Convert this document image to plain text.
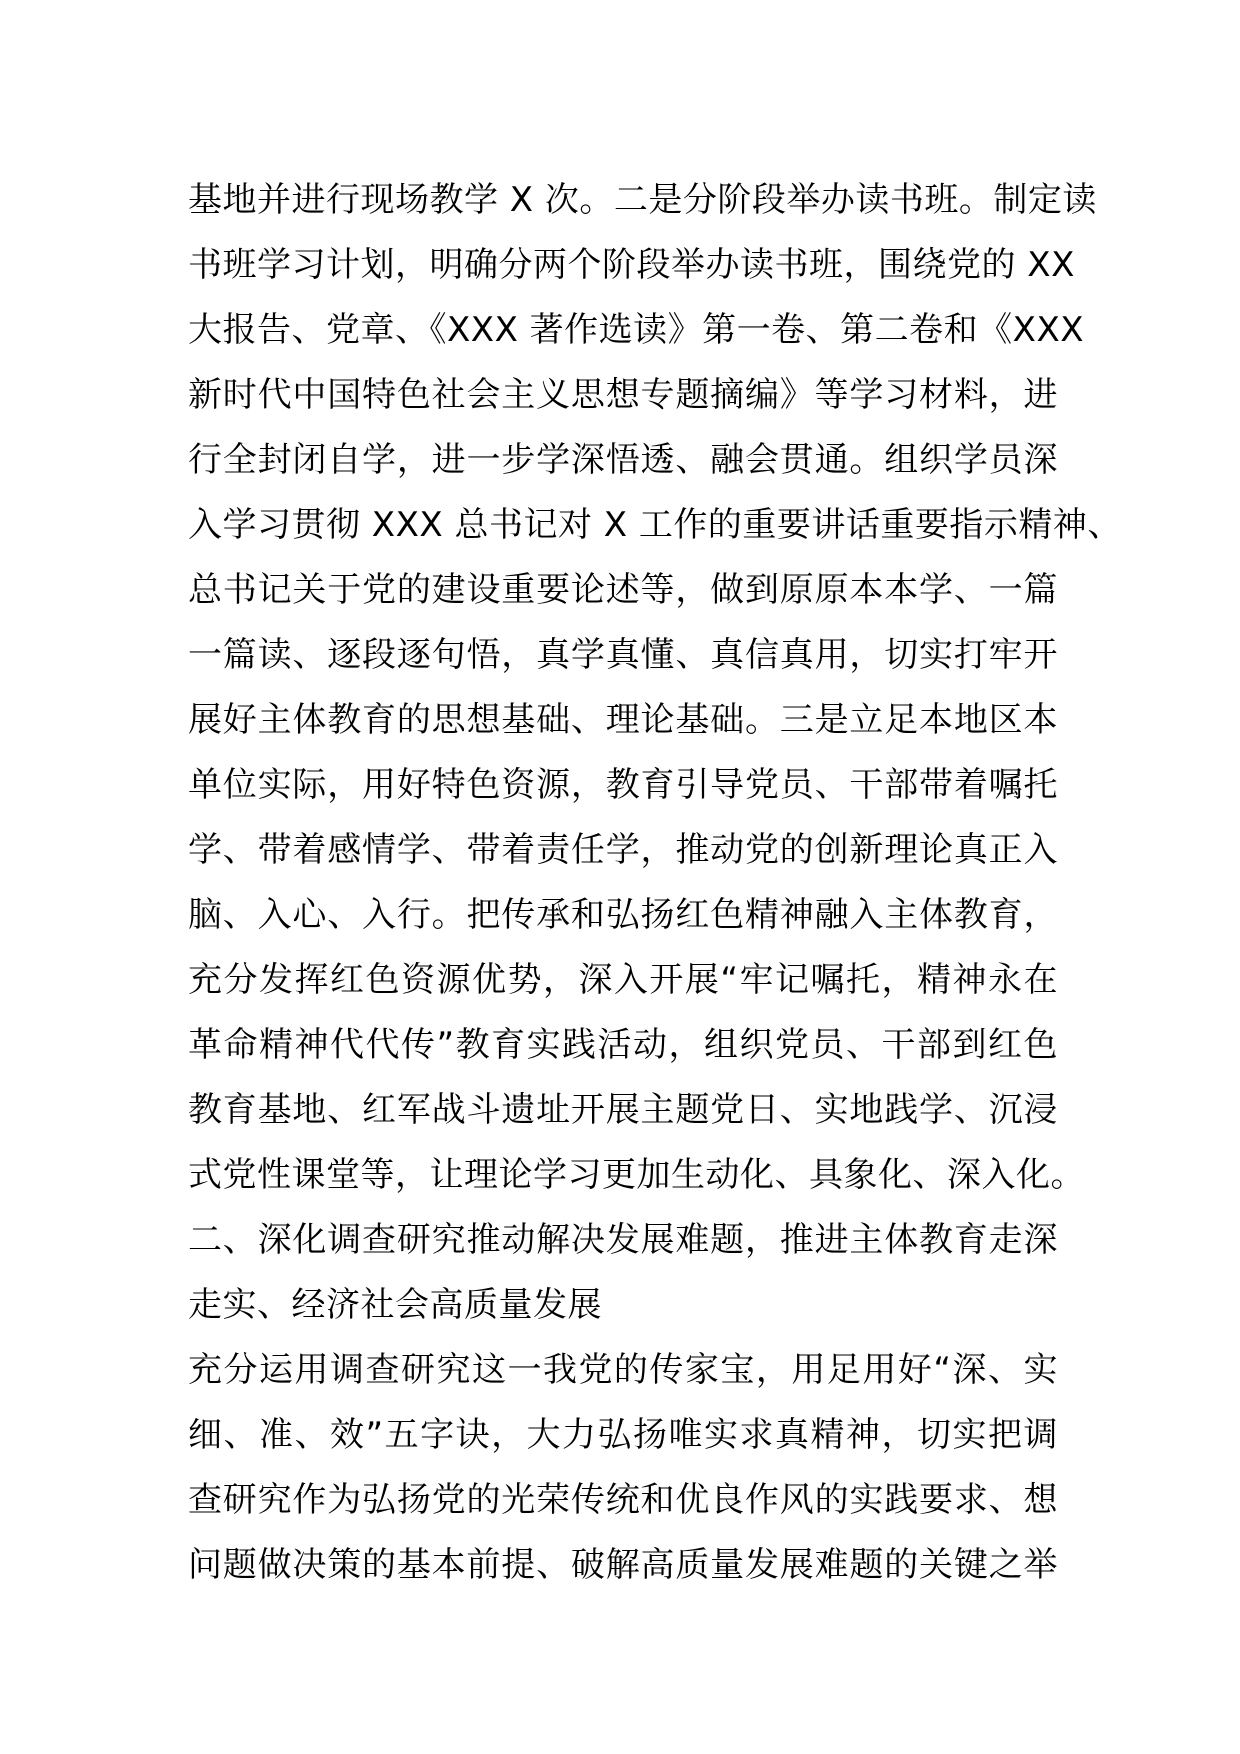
基地并进行现场教学 X 次。二是分阶段举办读书班。制定读
书班学习计划，明确分两个阶段举办读书班，围绕党的 XX
大报告、党章、《XXX 著作选读》第一卷、第二卷和《XXX
新时代中国特色社会主义思想专题摘编》等学习材料，进
行全封闭自学，进一步学深悟透、融会贯通。组织学员深
入学习贯彻 XXX 总书记对 X 工作的重要讲话重要指示精神、
总书记关于党的建设重要论述等，做到原原本本学、一篇
一篇读、逐段逐句悟，真学真懂、真信真用，切实打牢开
展好主体教育的思想基础、理论基础。三是立足本地区本
单位实际，用好特色资源，教育引导党员、干部带着嘱托
学、带着感情学、带着责任学，推动党的创新理论真正入
脑、入心、入行。把传承和弘扬红色精神融入主体教育，
充分发挥红色资源优势，深入开展“牢记嘱托，精神永在
革命精神代代传”教育实践活动，组织党员、干部到红色
教育基地、红军战斗遗址开展主题党日、实地践学、沉浸
式党性课堂等，让理论学习更加生动化、具象化、深入化。
二、深化调查研究推动解决发展难题，推进主体教育走深
走实、经济社会高质量发展
充分运用调查研究这一我党的传家宝，用足用好“深、实
细、准、效”五字诀，大力弘扬唯实求真精神，切实把调
查研究作为弘扬党的光荣传统和优良作风的实践要求、想
问题做决策的基本前提、破解高质量发展难题的关键之举
